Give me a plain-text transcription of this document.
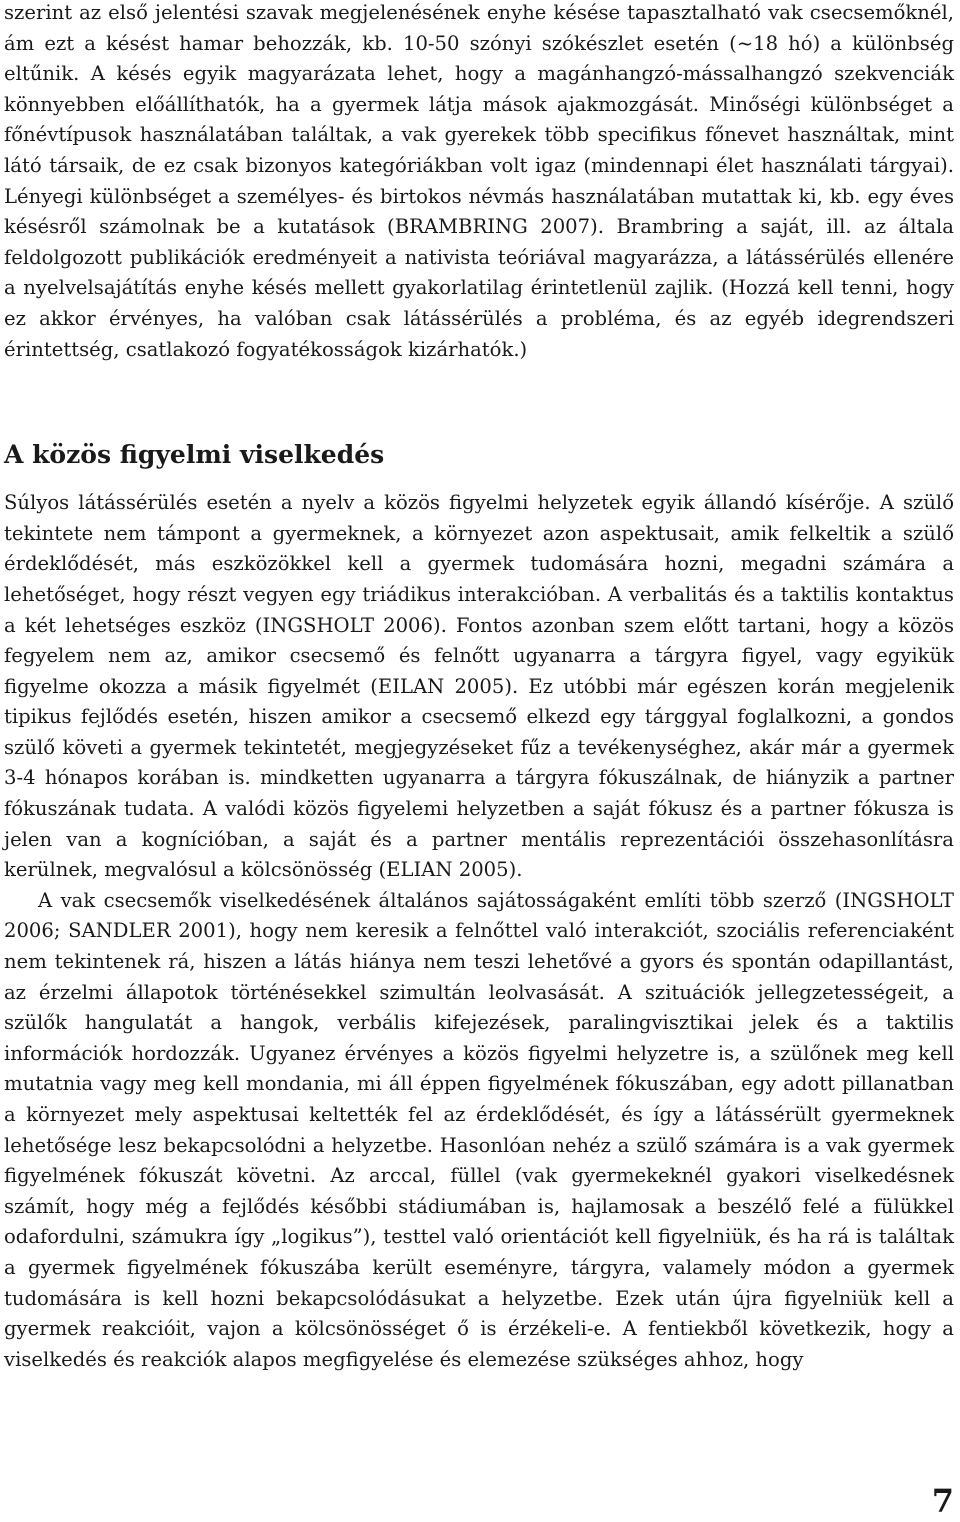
szerint az első jelentési szavak megjelenésének enyhe késése tapasztalható vak csecsemőknél, ám ezt a késést hamar behozzák, kb. 10-50 szónyi szókészlet esetén (~18 hó) a különbség eltűnik. A késés egyik magyarázata lehet, hogy a magánhangzó-mássalhangzó szekvenciák könnyebben előállíthatók, ha a gyermek látja mások ajakmozgását. Minőségi különbséget a főnévtípusok használatában találtak, a vak gyerekek több specifikus főnevet használtak, mint látó társaik, de ez csak bizonyos kategóriákban volt igaz (mindennapi élet használati tárgyai). Lényegi különbséget a személyes- és birtokos névmás használatában mutattak ki, kb. egy éves késésről számolnak be a kutatások (BRAMBRING 2007). Brambring a saját, ill. az általa feldolgozott publikációk eredményeit a nativista teóriával magyarázza, a látássérülés ellenére a nyelvelsajátítás enyhe késés mellett gyakorlatilag érintetlenül zajlik. (Hozzá kell tenni, hogy ez akkor érvényes, ha valóban csak látássérülés a probléma, és az egyéb idegrendszeri érintettség, csatlakozó fogyatékosságok kizárhatók.)

A közös figyelmi viselkedés

Súlyos látássérülés esetén a nyelv a közös figyelmi helyzetek egyik állandó kísérője. A szülő tekintete nem támpont a gyermeknek, a környezet azon aspektusait, amik felkeltik a szülő érdeklődését, más eszközökkel kell a gyermek tudomására hozni, megadni számára a lehetőséget, hogy részt vegyen egy triádikus interakcióban. A verbalitás és a taktilis kontaktus a két lehetséges eszköz (INGSHOLT 2006). Fontos azonban szem előtt tartani, hogy a közös fegyelem nem az, amikor csecsemő és felnőtt ugyanarra a tárgyra figyel, vagy egyikük figyelme okozza a másik figyelmét (EILAN 2005). Ez utóbbi már egészen korán megjelenik tipikus fejlődés esetén, hiszen amikor a csecsemő elkezd egy tárggyal foglalkozni, a gondos szülő követi a gyermek tekintetét, megjegyzéseket fűz a tevékenységhez, akár már a gyermek 3-4 hónapos korában is. mindketten ugyanarra a tárgyra fókuszálnak, de hiányzik a partner fókuszának tudata. A valódi közös figyelemi helyzetben a saját fókusz és a partner fókusza is jelen van a kognícióban, a saját és a partner mentális reprezentációi összehasonlításra kerülnek, megvalósul a kölcsönösség (ELIAN 2005).

A vak csecsemők viselkedésének általános sajátosságaként említi több szerző (INGSHOLT 2006; SANDLER 2001), hogy nem keresik a felnőttel való interakciót, szociális referenciaként nem tekintenek rá, hiszen a látás hiánya nem teszi lehetővé a gyors és spontán odapillantást, az érzelmi állapotok történésekkel szimultán leolvasását. A szituációk jellegzetességeit, a szülők hangulatát a hangok, verbális kifejezések, paralingvisztikai jelek és a taktilis információk hordozzák. Ugyanez érvényes a közös figyelmi helyzetre is, a szülőnek meg kell mutatnia vagy meg kell mondania, mi áll éppen figyelmének fókuszában, egy adott pillanatban a környezet mely aspektusai keltették fel az érdeklődését, és így a látássérült gyermeknek lehetősége lesz bekapcsolódni a helyzetbe. Hasonlóan nehéz a szülő számára is a vak gyermek figyelmének fókuszát követni. Az arccal, füllel (vak gyermekeknél gyakori viselkedésnek számít, hogy még a fejlődés későbbi stádiumában is, hajlamosak a beszélő felé a fülükkel odafordulni, számukra így „logikus”), testtel való orientációt kell figyelniük, és ha rá is találtak a gyermek figyelmének fókuszába került eseményre, tárgyra, valamely módon a gyermek tudomására is kell hozni bekapcsolódásukat a helyzetbe. Ezek után újra figyelniük kell a gyermek reakcióit, vajon a kölcsönösséget ő is érzékeli-e. A fentiekből következik, hogy a viselkedés és reakciók alapos megfigyelése és elemezése szükséges ahhoz, hogy

7
